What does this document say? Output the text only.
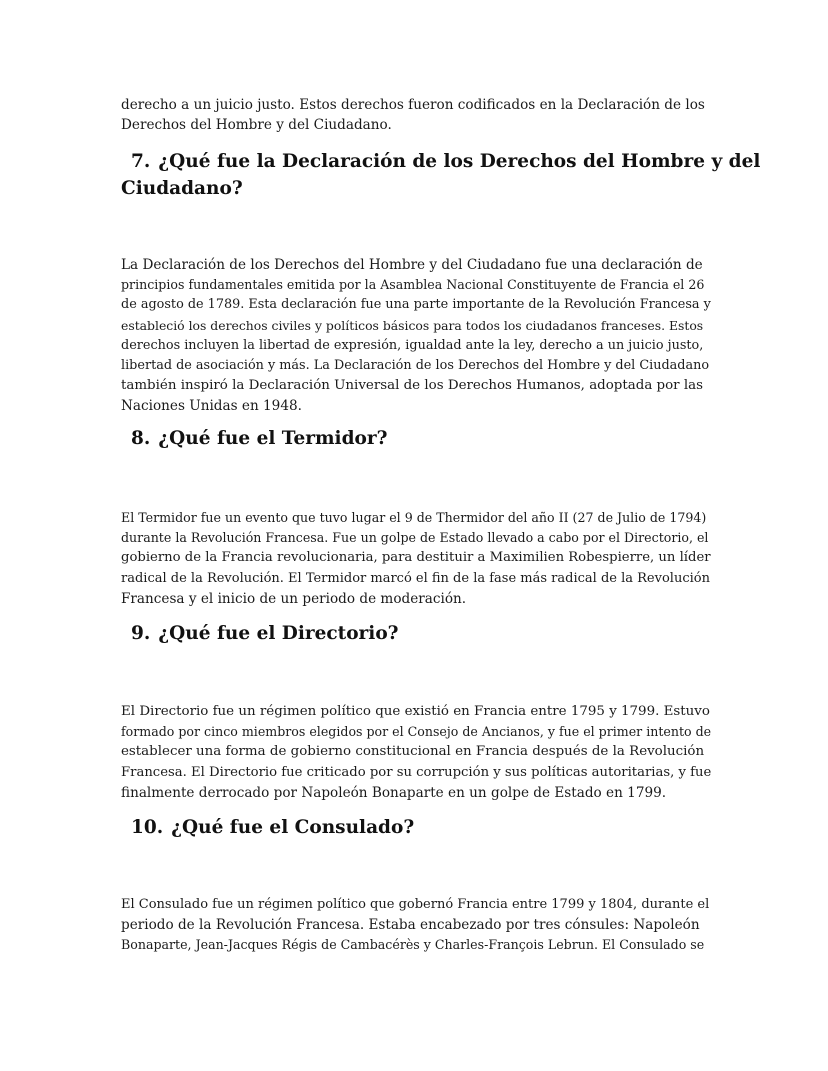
derecho a un juicio justo. Estos derechos fueron codificados en la Declaración de los
Derechos del Hombre y del Ciudadano.

7. ¿Qué fue la Declaración de los Derechos del Hombre y del
Ciudadano?

La Declaración de los Derechos del Hombre y del Ciudadano fue una declaración de
principios fundamentales emitida por la Asamblea Nacional Constituyente de Francia el 26
de agosto de 1789. Esta declaración fue una parte importante de la Revolución Francesa y
estableció los derechos civiles y políticos básicos para todos los ciudadanos franceses. Estos
derechos incluyen la libertad de expresión, igualdad ante la ley, derecho a un juicio justo,
libertad de asociación y más. La Declaración de los Derechos del Hombre y del Ciudadano
también inspiró la Declaración Universal de los Derechos Humanos, adoptada por las
Naciones Unidas en 1948.

8. ¿Qué fue el Termidor?

El Termidor fue un evento que tuvo lugar el 9 de Thermidor del año II (27 de Julio de 1794)
durante la Revolución Francesa. Fue un golpe de Estado llevado a cabo por el Directorio, el
gobierno de la Francia revolucionaria, para destituir a Maximilien Robespierre, un líder
radical de la Revolución. El Termidor marcó el fin de la fase más radical de la Revolución
Francesa y el inicio de un periodo de moderación.

9. ¿Qué fue el Directorio?

El Directorio fue un régimen político que existió en Francia entre 1795 y 1799. Estuvo
formado por cinco miembros elegidos por el Consejo de Ancianos, y fue el primer intento de
establecer una forma de gobierno constitucional en Francia después de la Revolución
Francesa. El Directorio fue criticado por su corrupción y sus políticas autoritarias, y fue
finalmente derrocado por Napoleón Bonaparte en un golpe de Estado en 1799.

10. ¿Qué fue el Consulado?

El Consulado fue un régimen político que gobernó Francia entre 1799 y 1804, durante el
periodo de la Revolución Francesa. Estaba encabezado por tres cónsules: Napoleón
Bonaparte, Jean-Jacques Régis de Cambacérès y Charles-François Lebrun. El Consulado se
